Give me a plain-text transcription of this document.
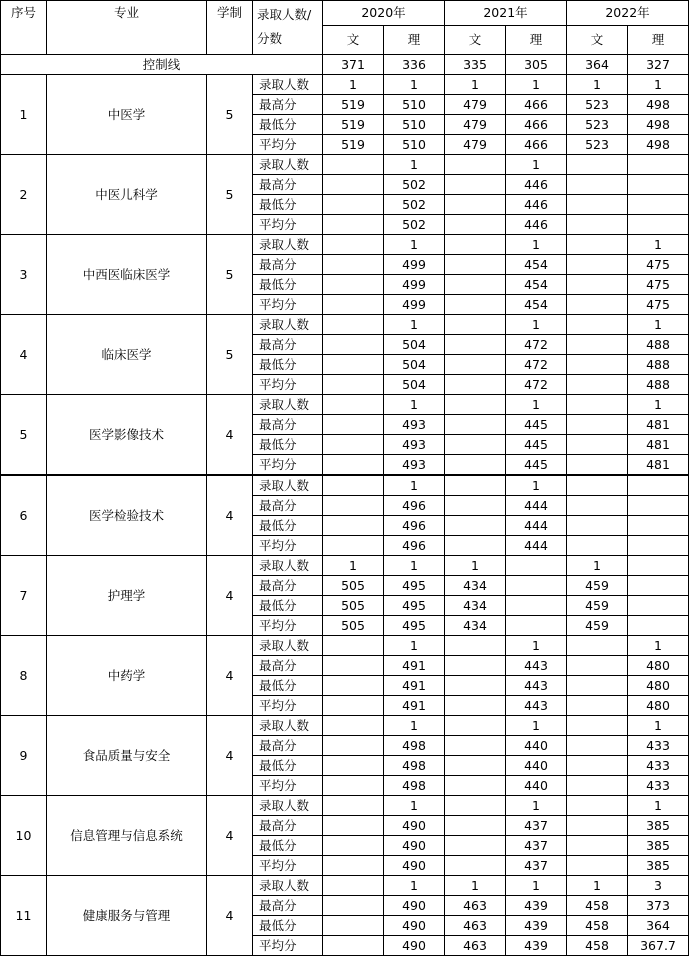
序号	专业	学制	录取人数/
分数	2020年		2021年		2022年	
				文	理	文	理	文	理
控制线				371	336	335	305	364	327
1	中医学	5	录取人数	1	1	1	1	1	1
			最高分	519	510	479	466	523	498
			最低分	519	510	479	466	523	498
			平均分	519	510	479	466	523	498
2	中医儿科学	5	录取人数		1		1		
			最高分		502		446		
			最低分		502		446		
			平均分		502		446		
3	中西医临床医学	5	录取人数		1		1		1
			最高分		499		454		475
			最低分		499		454		475
			平均分		499		454		475
4	临床医学	5	录取人数		1		1		1
			最高分		504		472		488
			最低分		504		472		488
			平均分		504		472		488
5	医学影像技术	4	录取人数		1		1		1
			最高分		493		445		481
			最低分		493		445		481
			平均分		493		445		481
6	医学检验技术	4	录取人数		1		1		
			最高分		496		444		
			最低分		496		444		
			平均分		496		444		
7	护理学	4	录取人数	1	1	1		1	
			最高分	505	495	434		459	
			最低分	505	495	434		459	
			平均分	505	495	434		459	
8	中药学	4	录取人数		1		1		1
			最高分		491		443		480
			最低分		491		443		480
			平均分		491		443		480
9	食品质量与安全	4	录取人数		1		1		1
			最高分		498		440		433
			最低分		498		440		433
			平均分		498		440		433
10	信息管理与信息系统	4	录取人数		1		1		1
			最高分		490		437		385
			最低分		490		437		385
			平均分		490		437		385
11	健康服务与管理	4	录取人数		1	1	1	1	3
			最高分		490	463	439	458	373
			最低分		490	463	439	458	364
			平均分		490	463	439	458	367.7
